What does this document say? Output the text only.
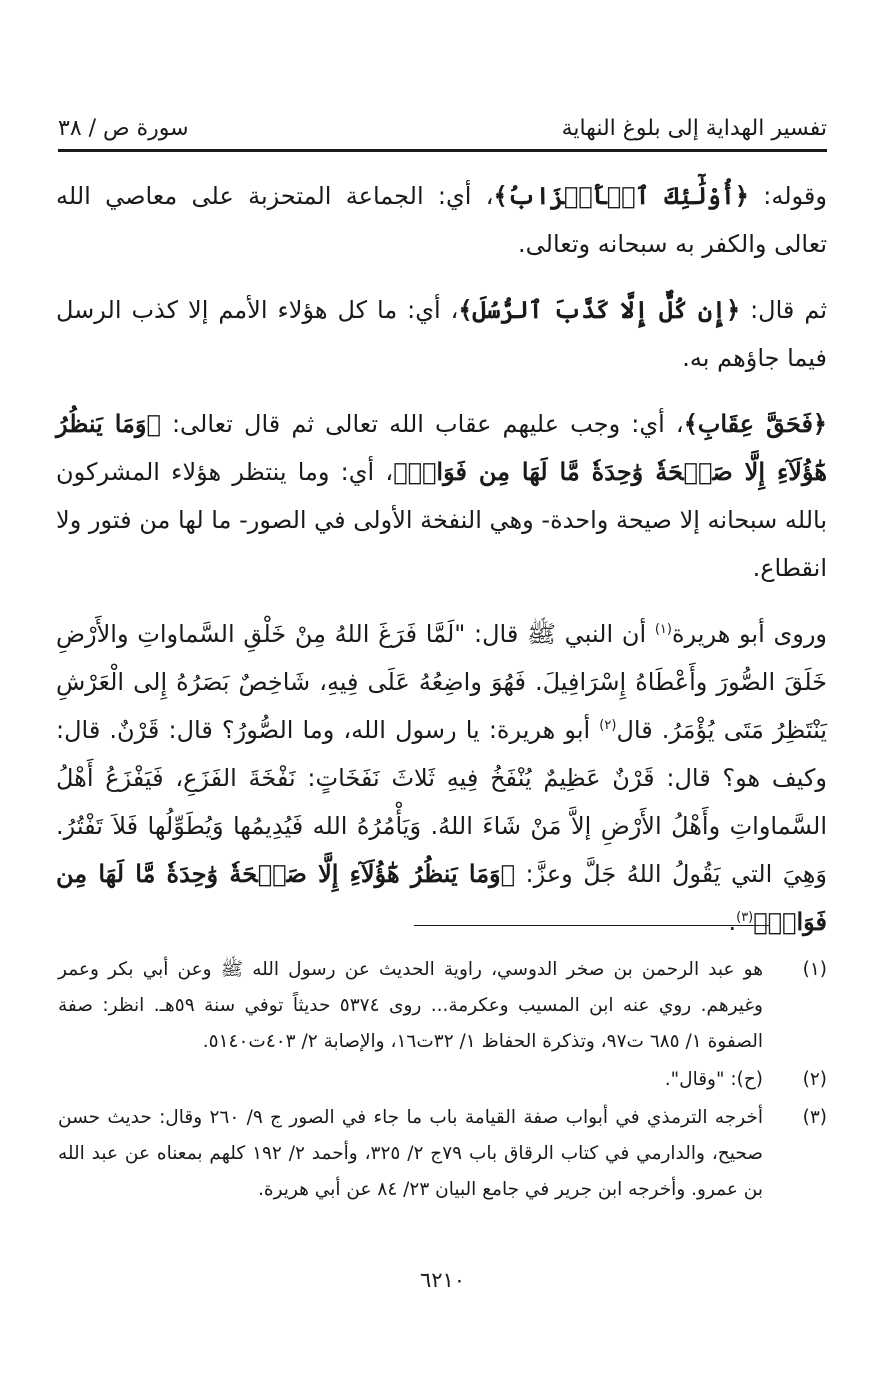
تفسير الهداية إلى بلوغ النهاية
سورة ص / ٣٨

وقوله: ﴿أُوْلَٰٓئِكَ ٱلۡأَحۡزَابُ﴾، أي: الجماعة المتحزبة على معاصي الله تعالى والكفر به سبحانه وتعالى.

ثم قال: ﴿إِن كُلٌّ إِلَّا كَذَّبَ ٱلرُّسُلَ﴾، أي: ما كل هؤلاء الأمم إلا كذب الرسل فيما جاؤهم به.

﴿فَحَقَّ عِقَابِ﴾، أي: وجب عليهم عقاب الله تعالى ثم قال تعالى: ﴿وَمَا يَنظُرُ هَٰٓؤُلَآءِ إِلَّا صَيۡحَةٗ وَٰحِدَةٗ مَّا لَهَا مِن فَوَاقٖ﴾، أي: وما ينتظر هؤلاء المشركون بالله سبحانه إلا صيحة واحدة- وهي النفخة الأولى في الصور- ما لها من فتور ولا انقطاع.

وروى أبو هريرة$^{(١)}$ أن النبي ﷺ قال: "لَمَّا فَرَغَ اللهُ مِنْ خَلْقِ السَّماواتِ والأَرْضِ خَلَقَ الصُّورَ وأَعْطَاهُ إِسْرَافِيلَ. فَهُوَ واضِعُهُ عَلَى فِيهِ، شَاخِصٌ بَصَرُهُ إِلى الْعَرْشِ يَنْتَظِرُ مَتَى يُؤْمَرُ. قال$^{(٢)}$ أبو هريرة: يا رسول الله، وما الصُّورُ؟ قال: قَرْنٌ. قال: وكيف هو؟ قال: قَرْنٌ عَظِيمٌ يُنْفَخُ فِيهِ ثَلاثَ نَفَخَاتٍ: نَفْخَةَ الفَزَعِ، فَيَفْزَعُ أَهْلُ السَّماواتِ وأَهْلُ الأَرْضِ إلاَّ مَنْ شَاءَ اللهُ. وَيَأْمُرُهُ الله فَيُدِيمُها وَيُطَوِّلُها فَلاَ تَفْتُرُ. وَهِيَ التي يَقُولُ اللهُ جَلَّ وعزَّ: ﴿وَمَا يَنظُرُ هَٰٓؤُلَآءِ إِلَّا صَيۡحَةٗ وَٰحِدَةٗ مَّا لَهَا مِن فَوَاقٖ﴾$^{(٣)}$.

(١)
هو عبد الرحمن بن صخر الدوسي، راوية الحديث عن رسول الله ﷺ وعن أبي بكر وعمر وغيرهم. روي عنه ابن المسيب وعكرمة... روى ٥٣٧٤ حديثاً توفي سنة ٥٩هـ. انظر: صفة الصفوة ١/ ٦٨٥ ت٩٧، وتذكرة الحفاظ ١/ ٣٢ت١٦، والإصابة ٢/ ٤٠٣ت٥١٤٠.
(٢)
(ح): "وقال".
(٣)
أخرجه الترمذي في أبواب صفة القيامة باب ما جاء في الصور ج ٩/ ٢٦٠ وقال: حديث حسن صحيح، والدارمي في كتاب الرقاق باب ٧٩ج ٢/ ٣٢٥، وأحمد ٢/ ١٩٢ كلهم بمعناه عن عبد الله بن عمرو. وأخرجه ابن جرير في جامع البيان ٢٣/ ٨٤ عن أبي هريرة.
٦٢١٠
